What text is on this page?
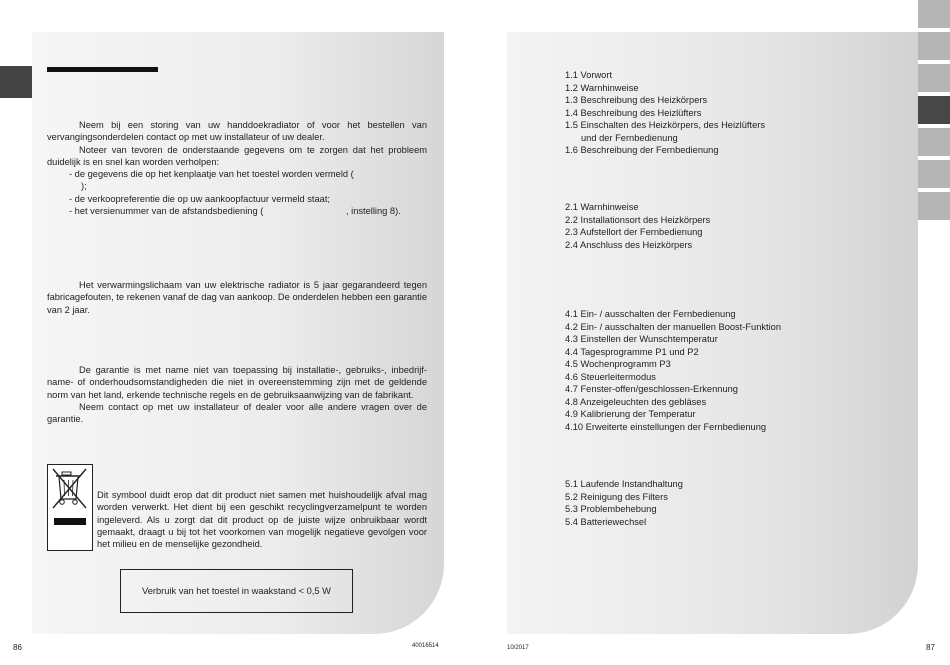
Neem bij een storing van uw handdoekradiator of voor het bestellen van vervangingsonderdelen contact op met uw installateur of uw dealer.
Noteer van tevoren de onderstaande gegevens om te zorgen dat het probleem duidelijk is en snel kan worden verholpen:
- de gegevens die op het kenplaatje van het toestel worden vermeld (
);
- de verkoopreferentie die op uw aankoopfactuur vermeld staat;
- het versienummer van de afstandsbediening (	, instelling 8).
Het verwarmingslichaam van uw elektrische radiator is 5 jaar gegarandeerd tegen fabricagefouten, te rekenen vanaf de dag van aankoop. De onderdelen hebben een garantie van 2 jaar.
De garantie is met name niet van toepassing bij installatie-, gebruiks-, inbedrijf-name- of onderhoudsomstandigheden die niet in overeenstemming zijn met de geldende norm van het land, erkende technische regels en de gebruiksaanwijzing van de fabrikant.
Neem contact op met uw installateur of dealer voor alle andere vragen over de garantie.
Dit symbool duidt erop dat dit product niet samen met huishoudelijk afval mag worden verwerkt. Het dient bij een geschikt recyclingverzamelpunt te worden ingeleverd. Als u zorgt dat dit product op de juiste wijze onbruikbaar wordt gemaakt, draagt u bij tot het voorkomen van mogelijk negatieve gevolgen voor het milieu en de menselijke gezondheid.
Verbruik van het toestel in waakstand < 0,5 W
1.1 Vorwort
1.2 Warnhinweise
1.3 Beschreibung des Heizkörpers
1.4 Beschreibung des Heizlüfters
1.5 Einschalten des Heizkörpers, des Heizlüfters
und der Fernbedienung
1.6 Beschreibung der Fernbedienung
2.1 Warnhinweise
2.2 Installationsort des Heizkörpers
2.3 Aufstellort der Fernbedienung
2.4 Anschluss des Heizkörpers
4.1 Ein- / ausschalten der Fernbedienung
4.2 Ein- / ausschalten der manuellen Boost-Funktion
4.3 Einstellen der Wunschtemperatur
4.4 Tagesprogramme P1 und P2
4.5 Wochenprogramm P3
4.6 Steuerleitermodus
4.7 Fenster-offen/geschlossen-Erkennung
4.8 Anzeigeleuchten des gebläses
4.9 Kalibrierung der Temperatur
4.10 Erweiterte einstellungen der Fernbedienung
5.1 Laufende Instandhaltung
5.2 Reinigung des Filters
5.3 Problembehebung
5.4 Batteriewechsel
86	40016514	10/2017	87
